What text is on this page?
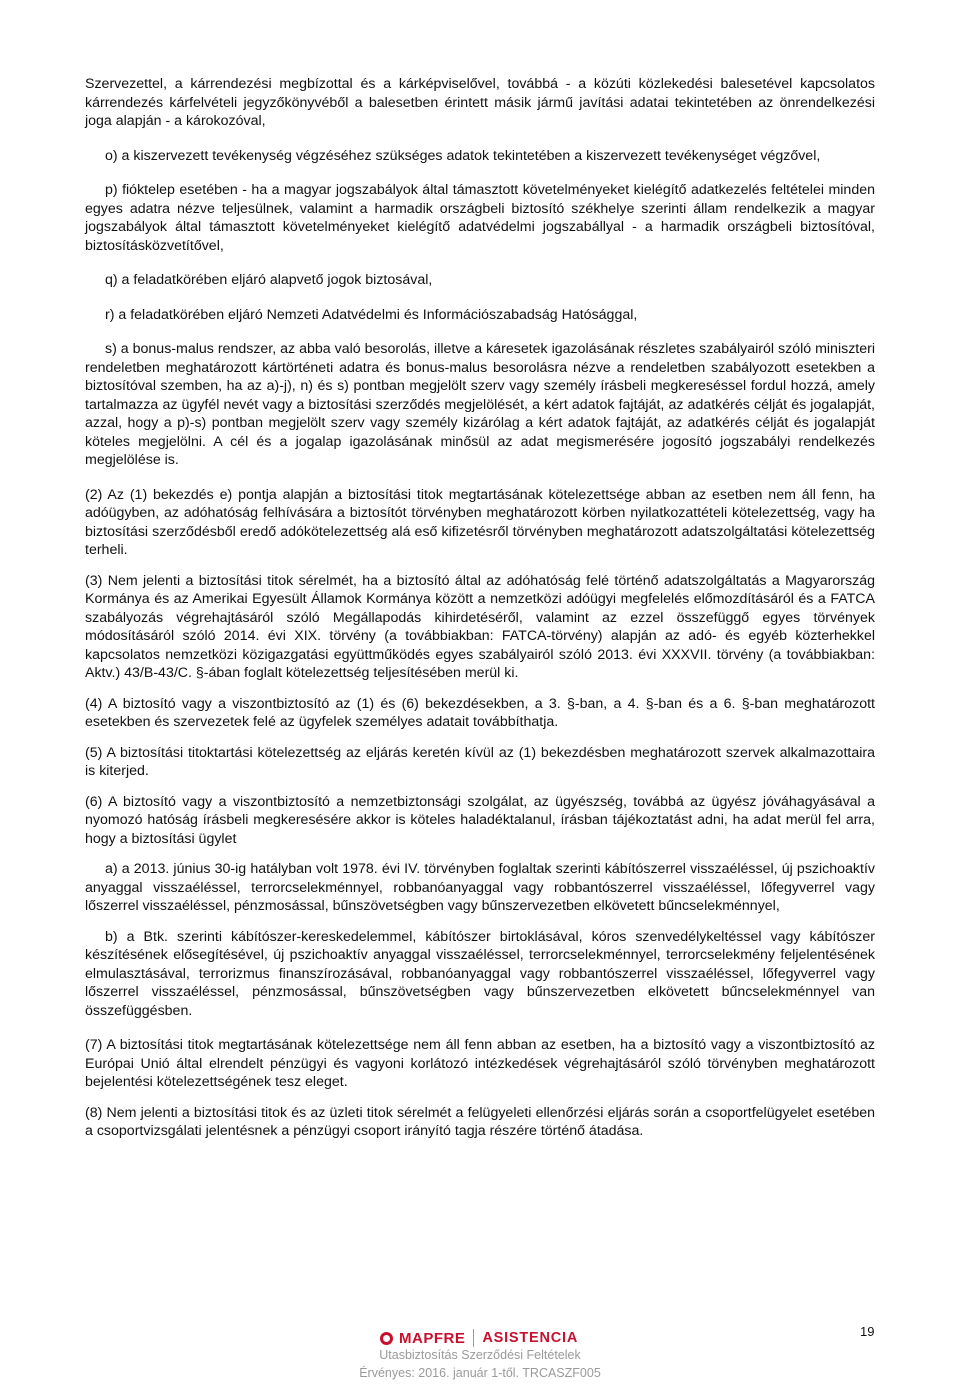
Szervezettel, a kárrendezési megbízottal és a kárképviselővel, továbbá - a közúti közlekedési balesetével kapcsolatos kárrendezés kárfelvételi jegyzőkönyvéből a balesetben érintett másik jármű javítási adatai tekintetében az önrendelkezési joga alapján - a károkozóval,

o) a kiszervezett tevékenység végzéséhez szükséges adatok tekintetében a kiszervezett tevékenységet végzővel,

p) fióktelep esetében - ha a magyar jogszabályok által támasztott követelményeket kielégítő adatkezelés feltételei minden egyes adatra nézve teljesülnek, valamint a harmadik országbeli biztosító székhelye szerinti állam rendelkezik a magyar jogszabályok által támasztott követelményeket kielégítő adatvédelmi jogszabállyal - a harmadik országbeli biztosítóval, biztosításközvetítővel,

q) a feladatkörében eljáró alapvető jogok biztosával,

r) a feladatkörében eljáró Nemzeti Adatvédelmi és Információszabadság Hatósággal,

s) a bonus-malus rendszer, az abba való besorolás, illetve a káresetek igazolásának részletes szabályairól szóló miniszteri rendeletben meghatározott kártörténeti adatra és bonus-malus besorolásra nézve a rendeletben szabályozott esetekben a biztosítóval szemben, ha az a)-j), n) és s) pontban megjelölt szerv vagy személy írásbeli megkereséssel fordul hozzá, amely tartalmazza az ügyfél nevét vagy a biztosítási szerződés megjelölését, a kért adatok fajtáját, az adatkérés célját és jogalapját, azzal, hogy a p)-s) pontban megjelölt szerv vagy személy kizárólag a kért adatok fajtáját, az adatkérés célját és jogalapját köteles megjelölni. A cél és a jogalap igazolásának minősül az adat megismerésére jogosító jogszabályi rendelkezés megjelölése is.

(2) Az (1) bekezdés e) pontja alapján a biztosítási titok megtartásának kötelezettsége abban az esetben nem áll fenn, ha adóügyben, az adóhatóság felhívására a biztosítót törvényben meghatározott körben nyilatkozattételi kötelezettség, vagy ha biztosítási szerződésből eredő adókötelezettség alá eső kifizetésről törvényben meghatározott adatszolgáltatási kötelezettség terheli.

(3) Nem jelenti a biztosítási titok sérelmét, ha a biztosító által az adóhatóság felé történő adatszolgáltatás a Magyarország Kormánya és az Amerikai Egyesült Államok Kormánya között a nemzetközi adóügyi megfelelés előmozdításáról és a FATCA szabályozás végrehajtásáról szóló Megállapodás kihirdetéséről, valamint az ezzel összefüggő egyes törvények módosításáról szóló 2014. évi XIX. törvény (a továbbiakban: FATCA-törvény) alapján az adó- és egyéb közterhekkel kapcsolatos nemzetközi közigazgatási együttműködés egyes szabályairól szóló 2013. évi XXXVII. törvény (a továbbiakban: Aktv.) 43/B-43/C. §-ában foglalt kötelezettség teljesítésében merül ki.

(4) A biztosító vagy a viszontbiztosító az (1) és (6) bekezdésekben, a 3. §-ban, a 4. §-ban és a 6. §-ban meghatározott esetekben és szervezetek felé az ügyfelek személyes adatait továbbíthatja.

(5) A biztosítási titoktartási kötelezettség az eljárás keretén kívül az (1) bekezdésben meghatározott szervek alkalmazottaira is kiterjed.

(6) A biztosító vagy a viszontbiztosító a nemzetbiztonsági szolgálat, az ügyészség, továbbá az ügyész jóváhagyásával a nyomozó hatóság írásbeli megkeresésére akkor is köteles haladéktalanul, írásban tájékoztatást adni, ha adat merül fel arra, hogy a biztosítási ügylet

a) a 2013. június 30-ig hatályban volt 1978. évi IV. törvényben foglaltak szerinti kábítószerrel visszaéléssel, új pszichoaktív anyaggal visszaéléssel, terrorcselekménnyel, robbanóanyaggal vagy robbantószerrel visszaéléssel, lőfegyverrel vagy lőszerrel visszaéléssel, pénzmosással, bűnszövetségben vagy bűnszervezetben elkövetett bűncselekménnyel,

b) a Btk. szerinti kábítószer-kereskedelemmel, kábítószer birtoklásával, kóros szenvedélykeltéssel vagy kábítószer készítésének elősegítésével, új pszichoaktív anyaggal visszaéléssel, terrorcselekménnyel, terrorcselekmény feljelentésének elmulasztásával, terrorizmus finanszírozásával, robbanóanyaggal vagy robbantószerrel visszaéléssel, lőfegyverrel vagy lőszerrel visszaéléssel, pénzmosással, bűnszövetségben vagy bűnszervezetben elkövetett bűncselekménnyel van összefüggésben.

(7) A biztosítási titok megtartásának kötelezettsége nem áll fenn abban az esetben, ha a biztosító vagy a viszontbiztosító az Európai Unió által elrendelt pénzügyi és vagyoni korlátozó intézkedések végrehajtásáról szóló törvényben meghatározott bejelentési kötelezettségének tesz eleget.

(8) Nem jelenti a biztosítási titok és az üzleti titok sérelmét a felügyeleti ellenőrzési eljárás során a csoportfelügyelet esetében a csoportvizsgálati jelentésnek a pénzügyi csoport irányító tagja részére történő átadása.

MAPFRE ASISTENCIA	19
Utasbiztosítás Szerződési Feltételek
Érvényes: 2016. január 1-től. TRCASZF005
